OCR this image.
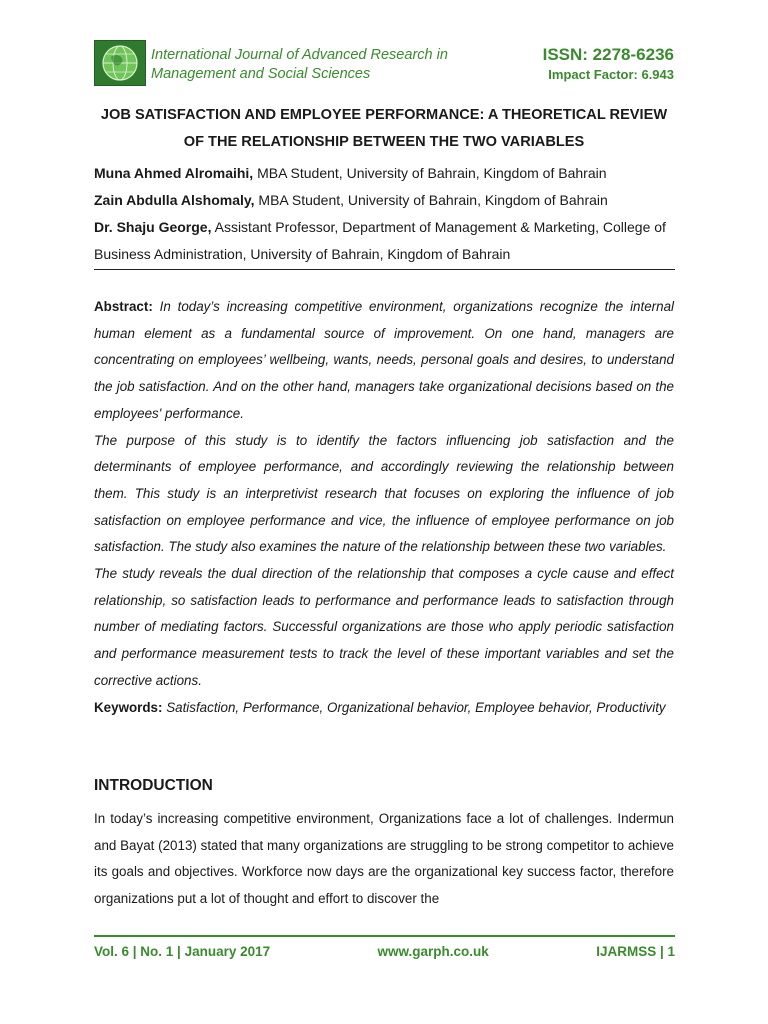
International Journal of Advanced Research in
Management and Social Sciences
ISSN: 2278-6236
Impact Factor: 6.943
JOB SATISFACTION AND EMPLOYEE PERFORMANCE: A THEORETICAL REVIEW
OF THE RELATIONSHIP BETWEEN THE TWO VARIABLES
Muna Ahmed Alromaihi, MBA Student, University of Bahrain, Kingdom of Bahrain
Zain Abdulla Alshomaly, MBA Student, University of Bahrain, Kingdom of Bahrain
Dr. Shaju George, Assistant Professor, Department of Management & Marketing, College of Business Administration, University of Bahrain, Kingdom of Bahrain

Abstract: In today’s increasing competitive environment, organizations recognize the internal human element as a fundamental source of improvement. On one hand, managers are concentrating on employees’ wellbeing, wants, needs, personal goals and desires, to understand the job satisfaction. And on the other hand, managers take organizational decisions based on the employees' performance.

The purpose of this study is to identify the factors influencing job satisfaction and the determinants of employee performance, and accordingly reviewing the relationship between them. This study is an interpretivist research that focuses on exploring the influence of job satisfaction on employee performance and vice, the influence of employee performance on job satisfaction. The study also examines the nature of the relationship between these two variables.

The study reveals the dual direction of the relationship that composes a cycle cause and effect relationship, so satisfaction leads to performance and performance leads to satisfaction through number of mediating factors. Successful organizations are those who apply periodic satisfaction and performance measurement tests to track the level of these important variables and set the corrective actions.

Keywords: Satisfaction, Performance, Organizational behavior, Employee behavior, Productivity

INTRODUCTION

In today’s increasing competitive environment, Organizations face a lot of challenges. Indermun and Bayat (2013) stated that many organizations are struggling to be strong competitor to achieve its goals and objectives. Workforce now days are the organizational key success factor, therefore organizations put a lot of thought and effort to discover the

Vol. 6 | No. 1 | January 2017	www.garph.co.uk	IJARMSS | 1
